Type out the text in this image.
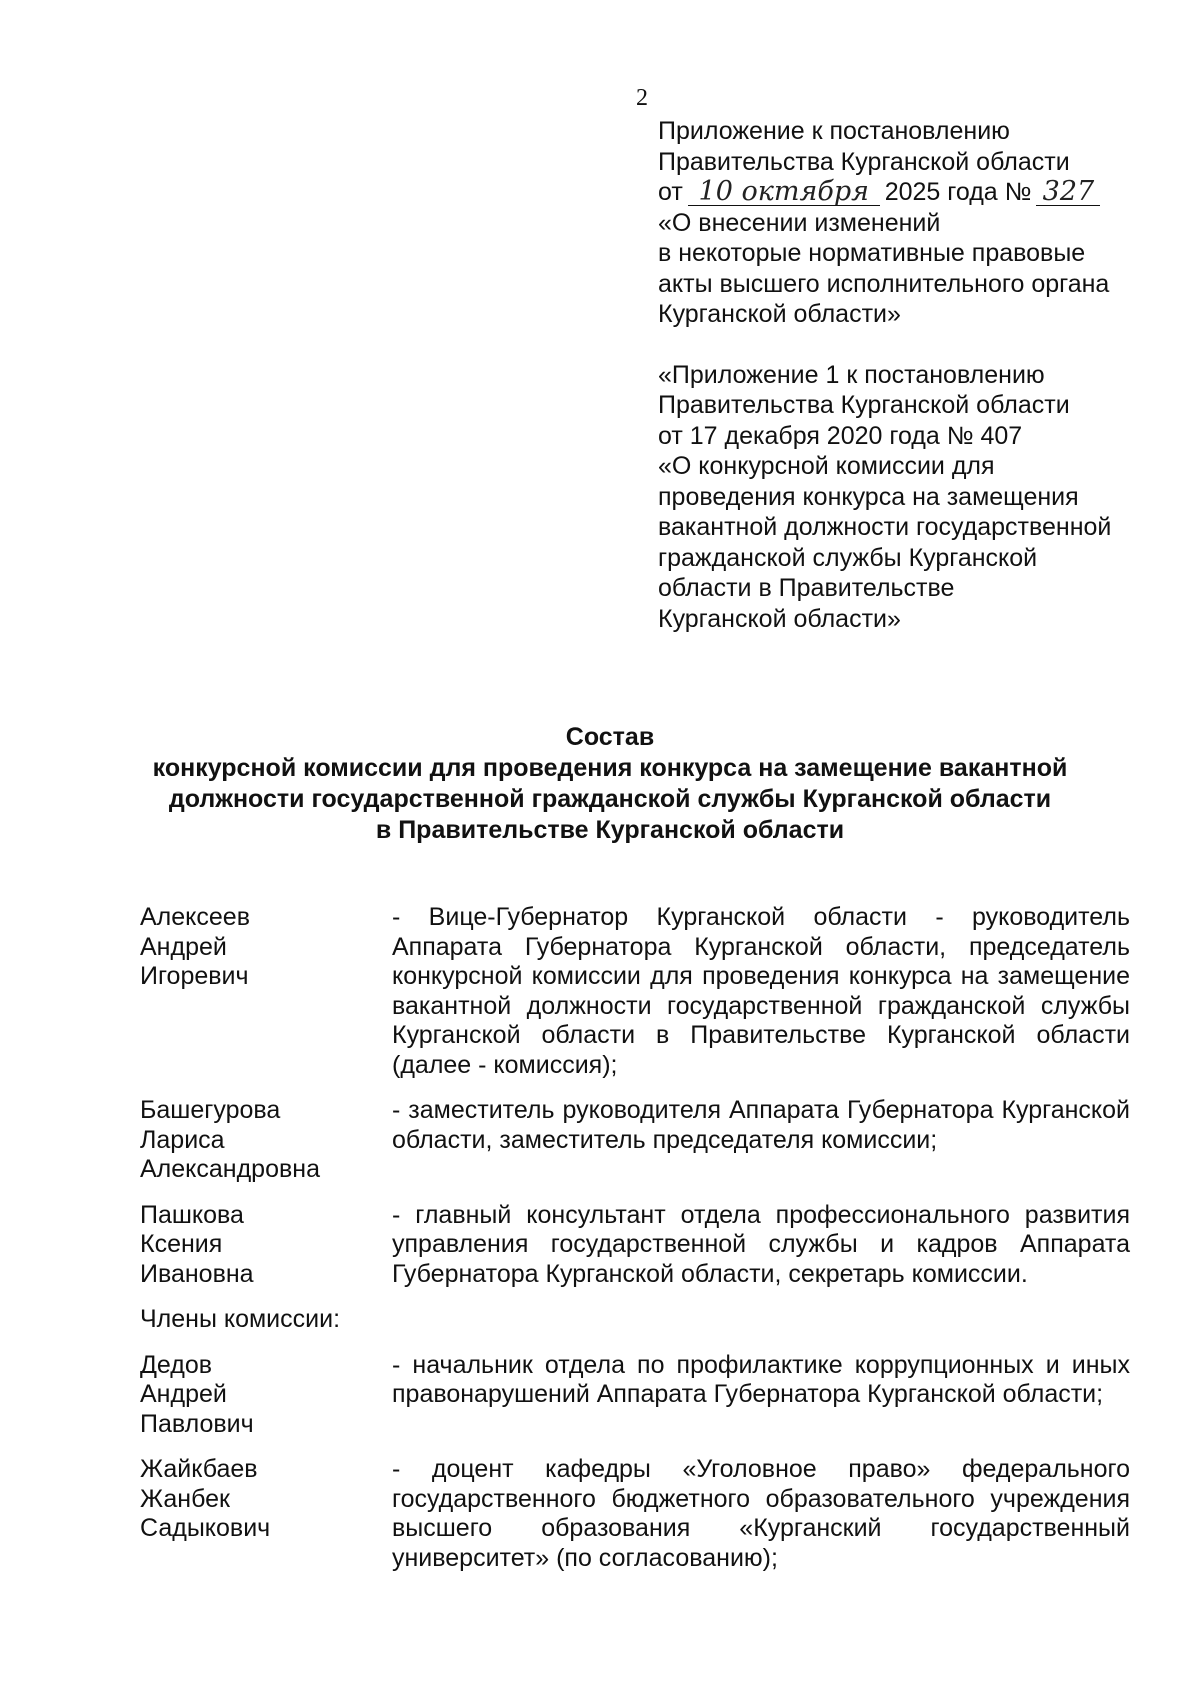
2
Приложение к постановлению
Правительства Курганской области
от 10 октября 2025 года № 327
«О внесении изменений
в некоторые нормативные правовые
акты высшего исполнительного органа
Курганской области»
«Приложение 1 к постановлению
Правительства Курганской области
от 17 декабря 2020 года № 407
«О конкурсной комиссии для
проведения конкурса на замещения
вакантной должности государственной
гражданской службы Курганской
области в Правительстве
Курганской области»
Состав
конкурсной комиссии для проведения конкурса на замещение вакантной
должности государственной гражданской службы Курганской области
в Правительстве Курганской области
Алексеев
Андрей
Игоревич
- Вице-Губернатор Курганской области - руководитель Аппарата Губернатора Курганской области, председатель конкурсной комиссии для проведения конкурса на замещение вакантной должности государственной гражданской службы Курганской области в Правительстве Курганской области (далее - комиссия);
Башегурова
Лариса
Александровна
- заместитель руководителя Аппарата Губернатора Курганской области, заместитель председателя комиссии;
Пашкова
Ксения
Ивановна
- главный консультант отдела профессионального развития управления государственной службы и кадров Аппарата Губернатора Курганской области, секретарь комиссии.
Члены комиссии:
Дедов
Андрей
Павлович
- начальник отдела по профилактике коррупционных и иных правонарушений Аппарата Губернатора Курганской области;
Жайкбаев
Жанбек
Садыкович
- доцент кафедры «Уголовное право» федерального государственного бюджетного образовательного учреждения высшего образования «Курганский государственный университет» (по согласованию);
